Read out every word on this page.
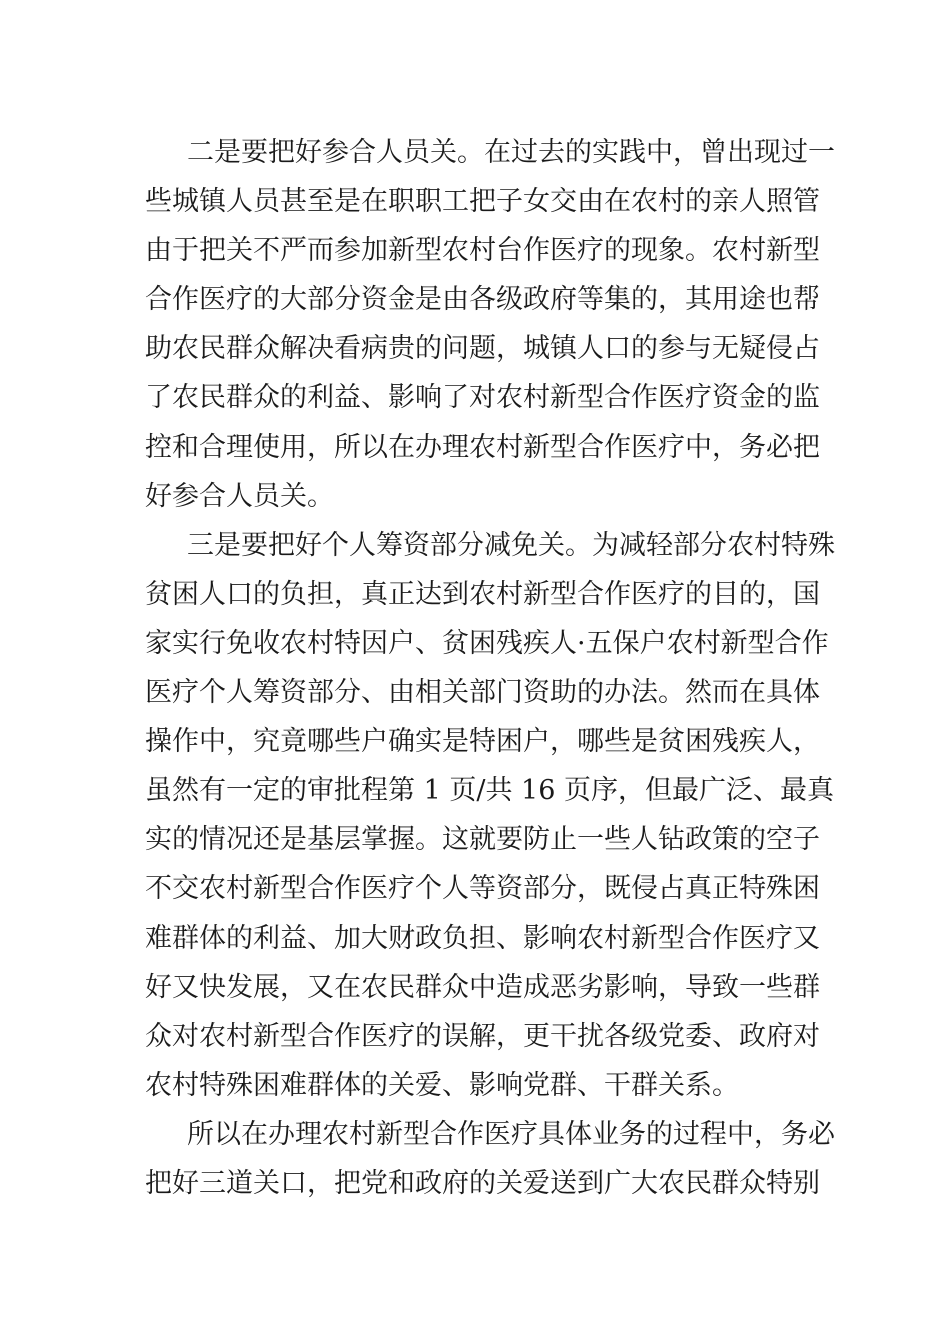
二是要把好参合人员关。在过去的实践中，曾出现过一

些城镇人员甚至是在职职工把子女交由在农村的亲人照管

由于把关不严而参加新型农村台作医疗的现象。农村新型

合作医疗的大部分资金是由各级政府等集的，其用途也帮

助农民群众解决看病贵的问题，城镇人口的参与无疑侵占

了农民群众的利益、影响了对农村新型合作医疗资金的监

控和合理使用，所以在办理农村新型合作医疗中，务必把

好参合人员关。

三是要把好个人筹资部分减免关。为减轻部分农村特殊

贫困人口的负担，真正达到农村新型合作医疗的目的，国

家实行免收农村特因户、贫困残疾人·五保户农村新型合作

医疗个人筹资部分、由相关部门资助的办法。然而在具体

操作中，究竟哪些户确实是特困户，哪些是贫困残疾人，

虽然有一定的审批程第 1 页/共 16 页序，但最广泛、最真

实的情况还是基层掌握。这就要防止一些人钻政策的空子

不交农村新型合作医疗个人等资部分，既侵占真正特殊困

难群体的利益、加大财政负担、影响农村新型合作医疗又

好又快发展，又在农民群众中造成恶劣影响，导致一些群

众对农村新型合作医疗的误解，更干扰各级党委、政府对

农村特殊困难群体的关爱、影响党群、干群关系。

所以在办理农村新型合作医疗具体业务的过程中，务必

把好三道关口，把党和政府的关爱送到广大农民群众特别
